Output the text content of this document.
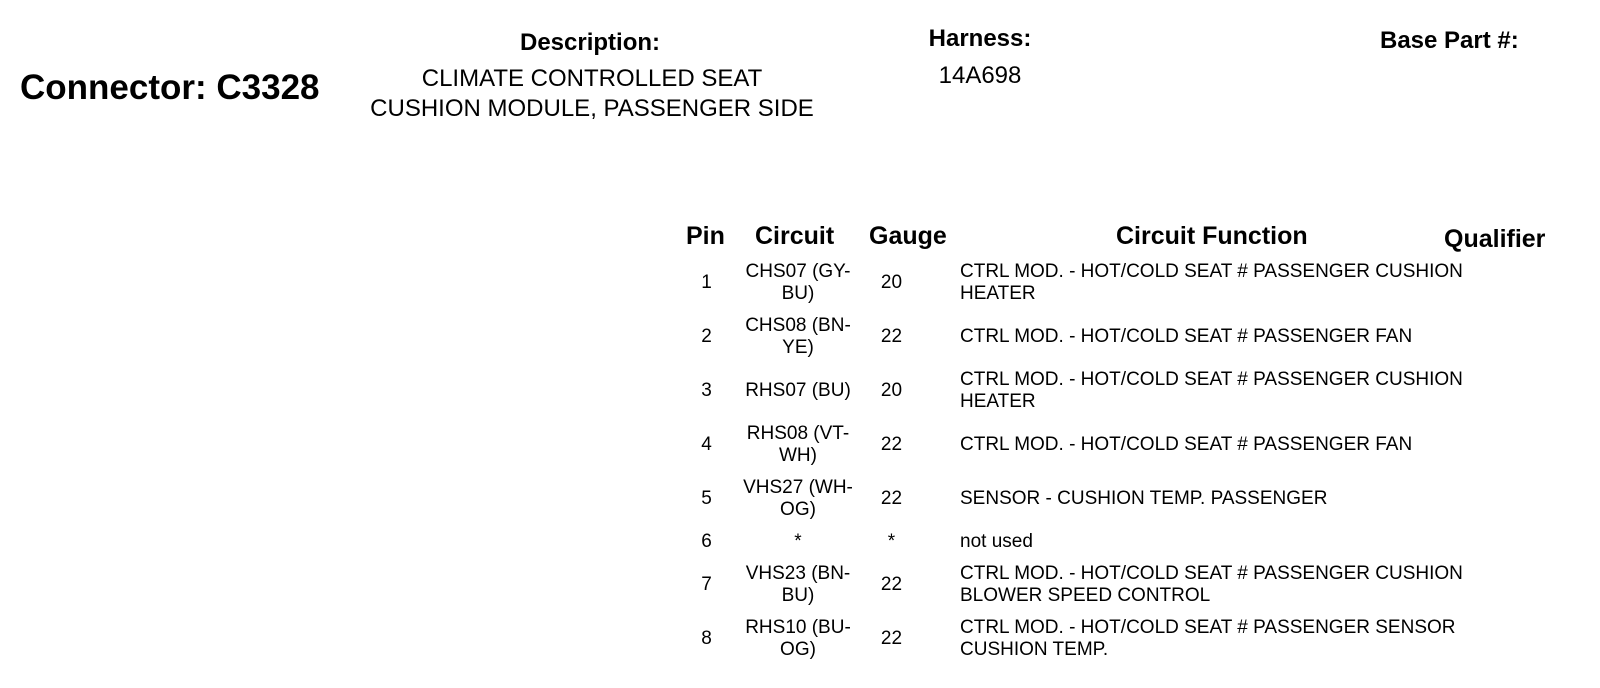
Connector: C3328
Description:
CLIMATE CONTROLLED SEAT CUSHION MODULE, PASSENGER SIDE
Harness:
14A698
Base Part #:
Pin Circuit Gauge	Circuit Function	Qualifier
1	CHS07 (GY-BU)	20	CTRL MOD. - HOT/COLD SEAT # PASSENGER CUSHION HEATER
2	CHS08 (BN-YE)	22	CTRL MOD. - HOT/COLD SEAT # PASSENGER FAN
3	RHS07 (BU)	20	CTRL MOD. - HOT/COLD SEAT # PASSENGER CUSHION HEATER
4	RHS08 (VT-WH)	22	CTRL MOD. - HOT/COLD SEAT # PASSENGER FAN
5	VHS27 (WH-OG)	22	SENSOR - CUSHION TEMP. PASSENGER
6	*	*	not used
7	VHS23 (BN-BU)	22	CTRL MOD. - HOT/COLD SEAT # PASSENGER CUSHION BLOWER SPEED CONTROL
8	RHS10 (BU-OG)	22	CTRL MOD. - HOT/COLD SEAT # PASSENGER SENSOR CUSHION TEMP.
